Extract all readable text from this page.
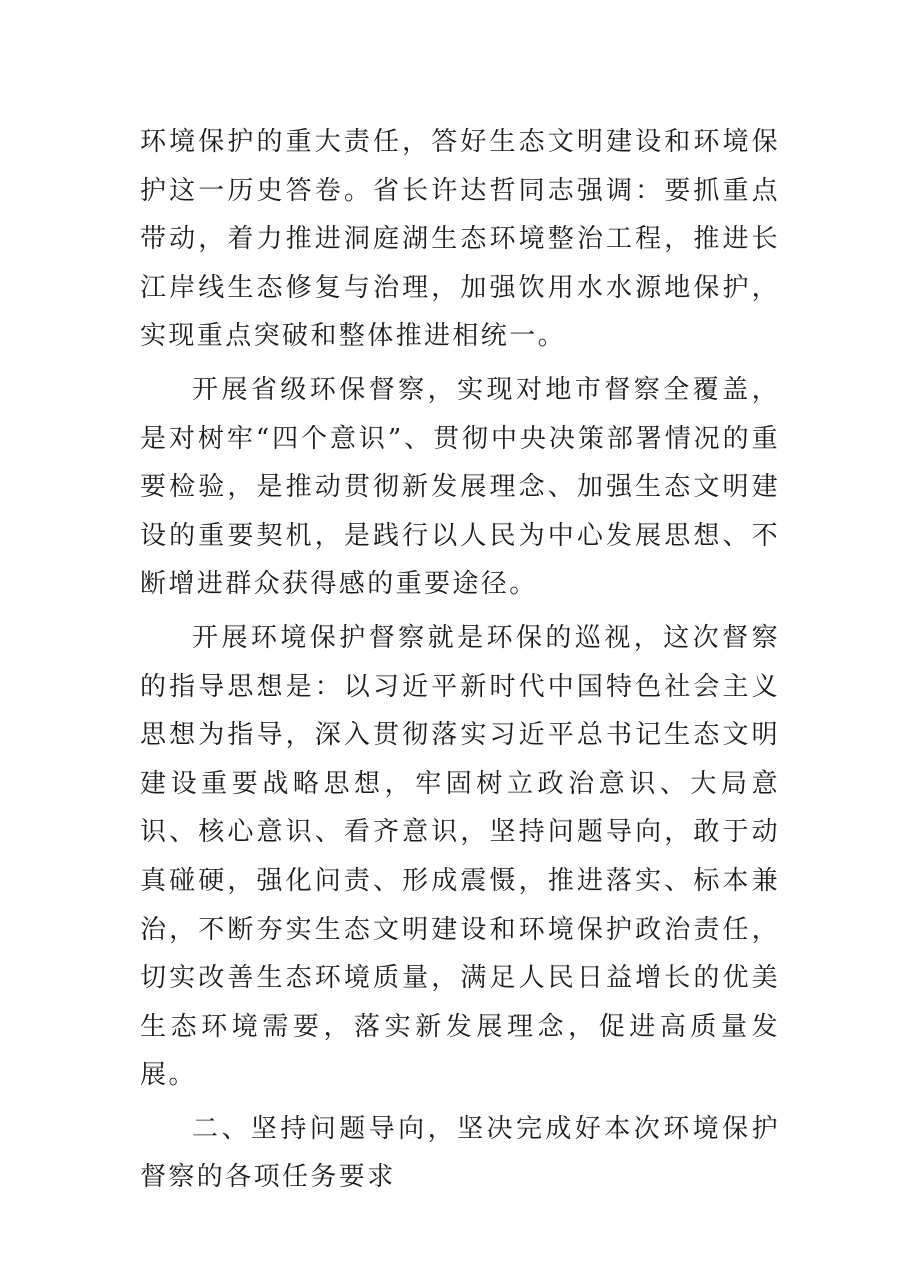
环境保护的重大责任，答好生态文明建设和环境保护这一历史答卷。省长许达哲同志强调：要抓重点带动，着力推进洞庭湖生态环境整治工程，推进长江岸线生态修复与治理，加强饮用水水源地保护，实现重点突破和整体推进相统一。

开展省级环保督察，实现对地市督察全覆盖，是对树牢“四个意识”、贯彻中央决策部署情况的重要检验，是推动贯彻新发展理念、加强生态文明建设的重要契机，是践行以人民为中心发展思想、不断增进群众获得感的重要途径。

开展环境保护督察就是环保的巡视，这次督察的指导思想是：以习近平新时代中国特色社会主义思想为指导，深入贯彻落实习近平总书记生态文明建设重要战略思想，牢固树立政治意识、大局意识、核心意识、看齐意识，坚持问题导向，敢于动真碰硬，强化问责、形成震慑，推进落实、标本兼治，不断夯实生态文明建设和环境保护政治责任，切实改善生态环境质量，满足人民日益增长的优美生态环境需要，落实新发展理念，促进高质量发展。

二、坚持问题导向，坚决完成好本次环境保护督察的各项任务要求
